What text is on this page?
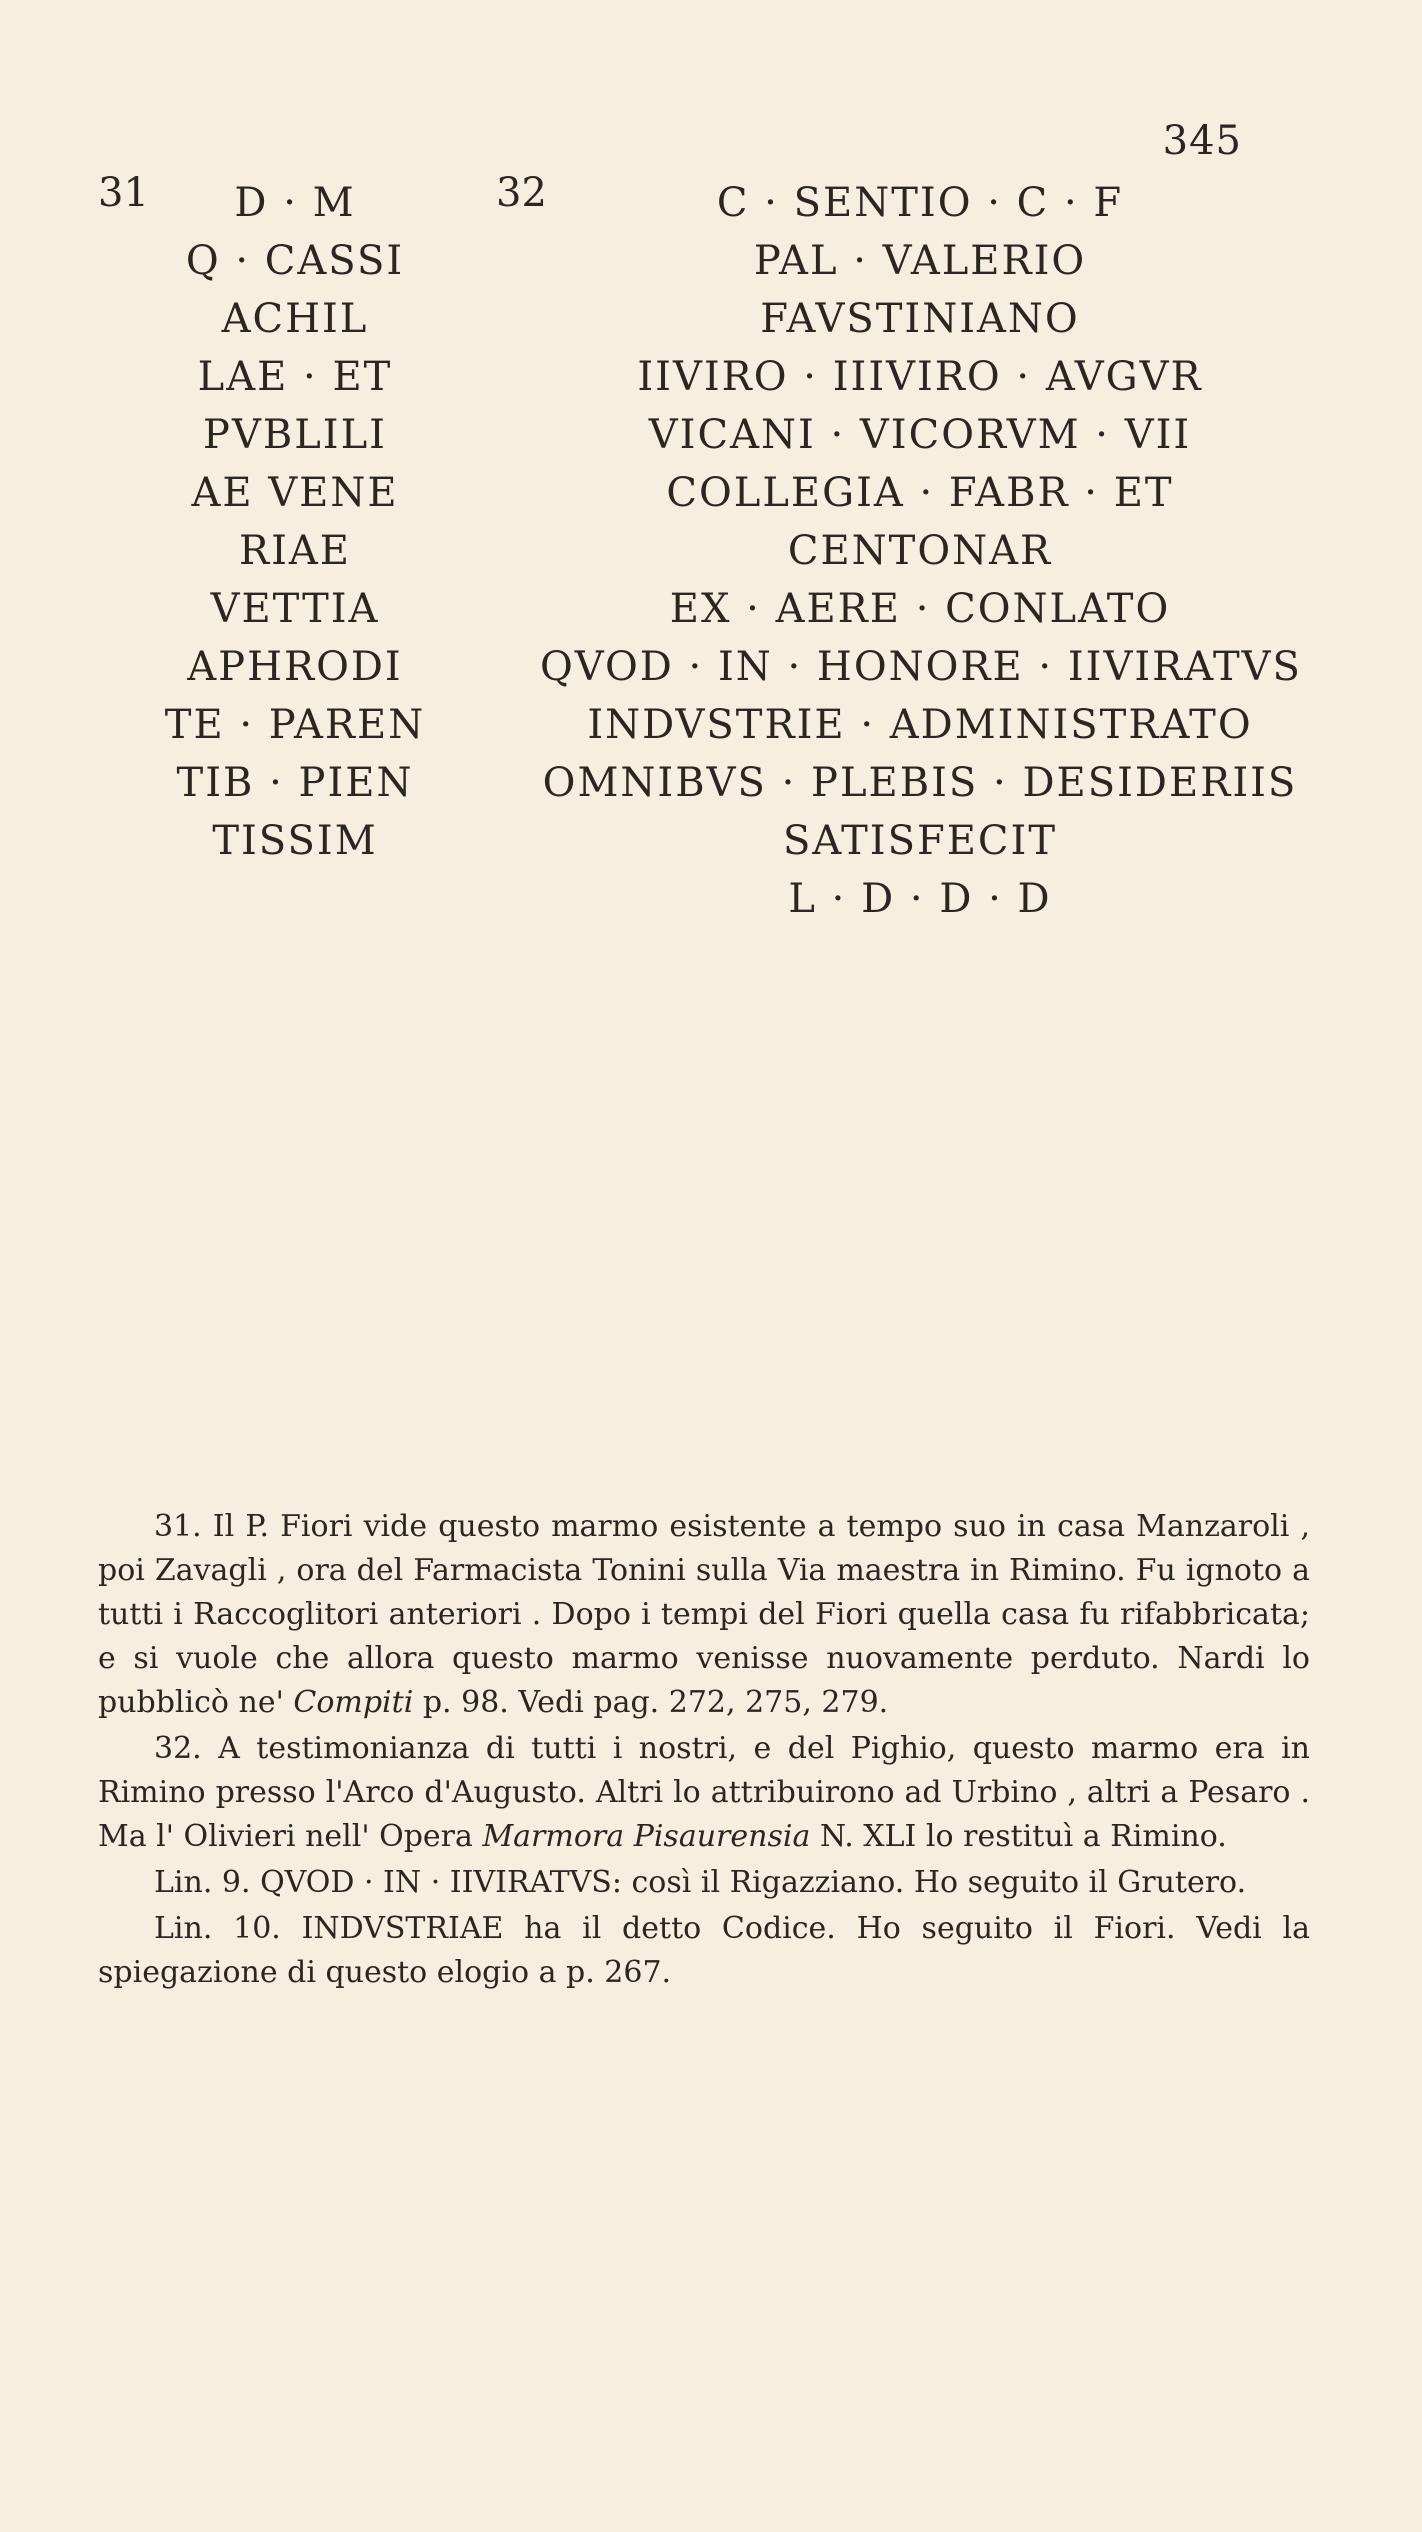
345
31	D · M
Q · CASSI
ACHIL
LAE · ET
PVBLILI
AE VENE
RIAE
VETTIA
APHRODI
TE · PAREN
TIB · PIEN
TISSIM
32	C · SENTIO · C · F
PAL · VALERIO
FAVSTINIANO
IIVIRO · IIIVIRO · AVGVR
VICANI · VICORVM · VII
COLLEGIA · FABR · ET
CENTONAR
EX · AERE · CONLATO
QVOD · IN · HONORE · IIVIRATVS
INDVSTRIE · ADMINISTRATO
OMNIBVS · PLEBIS · DESIDERIIS
SATISFECIT
L · D · D · D

31. Il P. Fiori vide questo marmo esistente a tempo suo in casa Manzaroli , poi Zavagli , ora del Farmacista Tonini sulla Via maestra in Rimino. Fu ignoto a tutti i Raccoglitori anteriori . Dopo i tempi del Fiori quella casa fu rifabbricata; e si vuole che allora questo marmo venisse nuovamente perduto. Nardi lo pubblicò ne' Compiti p. 98. Vedi pag. 272, 275, 279.

32. A testimonianza di tutti i nostri, e del Pighio, questo marmo era in Rimino presso l'Arco d'Augusto. Altri lo attribuirono ad Urbino , altri a Pesaro . Ma l' Olivieri nell' Opera Marmora Pisaurensia N. XLI lo restituì a Rimino.

Lin. 9. QVOD · IN · IIVIRATVS: così il Rigazziano. Ho seguito il Grutero.

Lin. 10. INDVSTRIAE ha il detto Codice. Ho seguito il Fiori. Vedi la spiegazione di questo elogio a p. 267.
